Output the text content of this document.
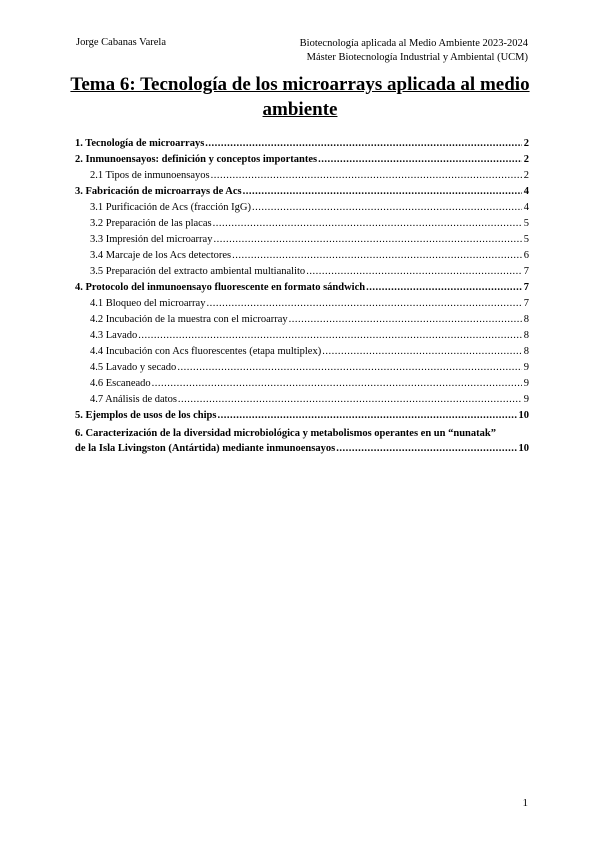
Jorge Cabanas Varela	Biotecnología aplicada al Medio Ambiente 2023-2024
Máster Biotecnología Industrial y Ambiental (UCM)
Tema 6: Tecnología de los microarrays aplicada al medio ambiente
1. Tecnología de microarrays .....	2
2. Inmunoensayos: definición y conceptos importantes .....	2
2.1 Tipos de inmunoensayos .....	2
3. Fabricación de microarrays de Acs .....	4
3.1 Purificación de Acs (fracción IgG) .....	4
3.2 Preparación de las placas .....	5
3.3 Impresión del microarray .....	5
3.4 Marcaje de los Acs detectores .....	6
3.5 Preparación del extracto ambiental multianalito .....	7
4. Protocolo del inmunoensayo fluorescente en formato sándwich .....	7
4.1 Bloqueo del microarray .....	7
4.2 Incubación de la muestra con el microarray .....	8
4.3 Lavado .....	8
4.4 Incubación con Acs fluorescentes (etapa multiplex) .....	8
4.5 Lavado y secado .....	9
4.6 Escaneado .....	9
4.7 Análisis de datos .....	9
5. Ejemplos de usos de los chips .....	10
6. Caracterización de la diversidad microbiológica y metabolismos operantes en un “nunatak”
de la Isla Livingston (Antártida) mediante inmunoensayos .....	10
1
